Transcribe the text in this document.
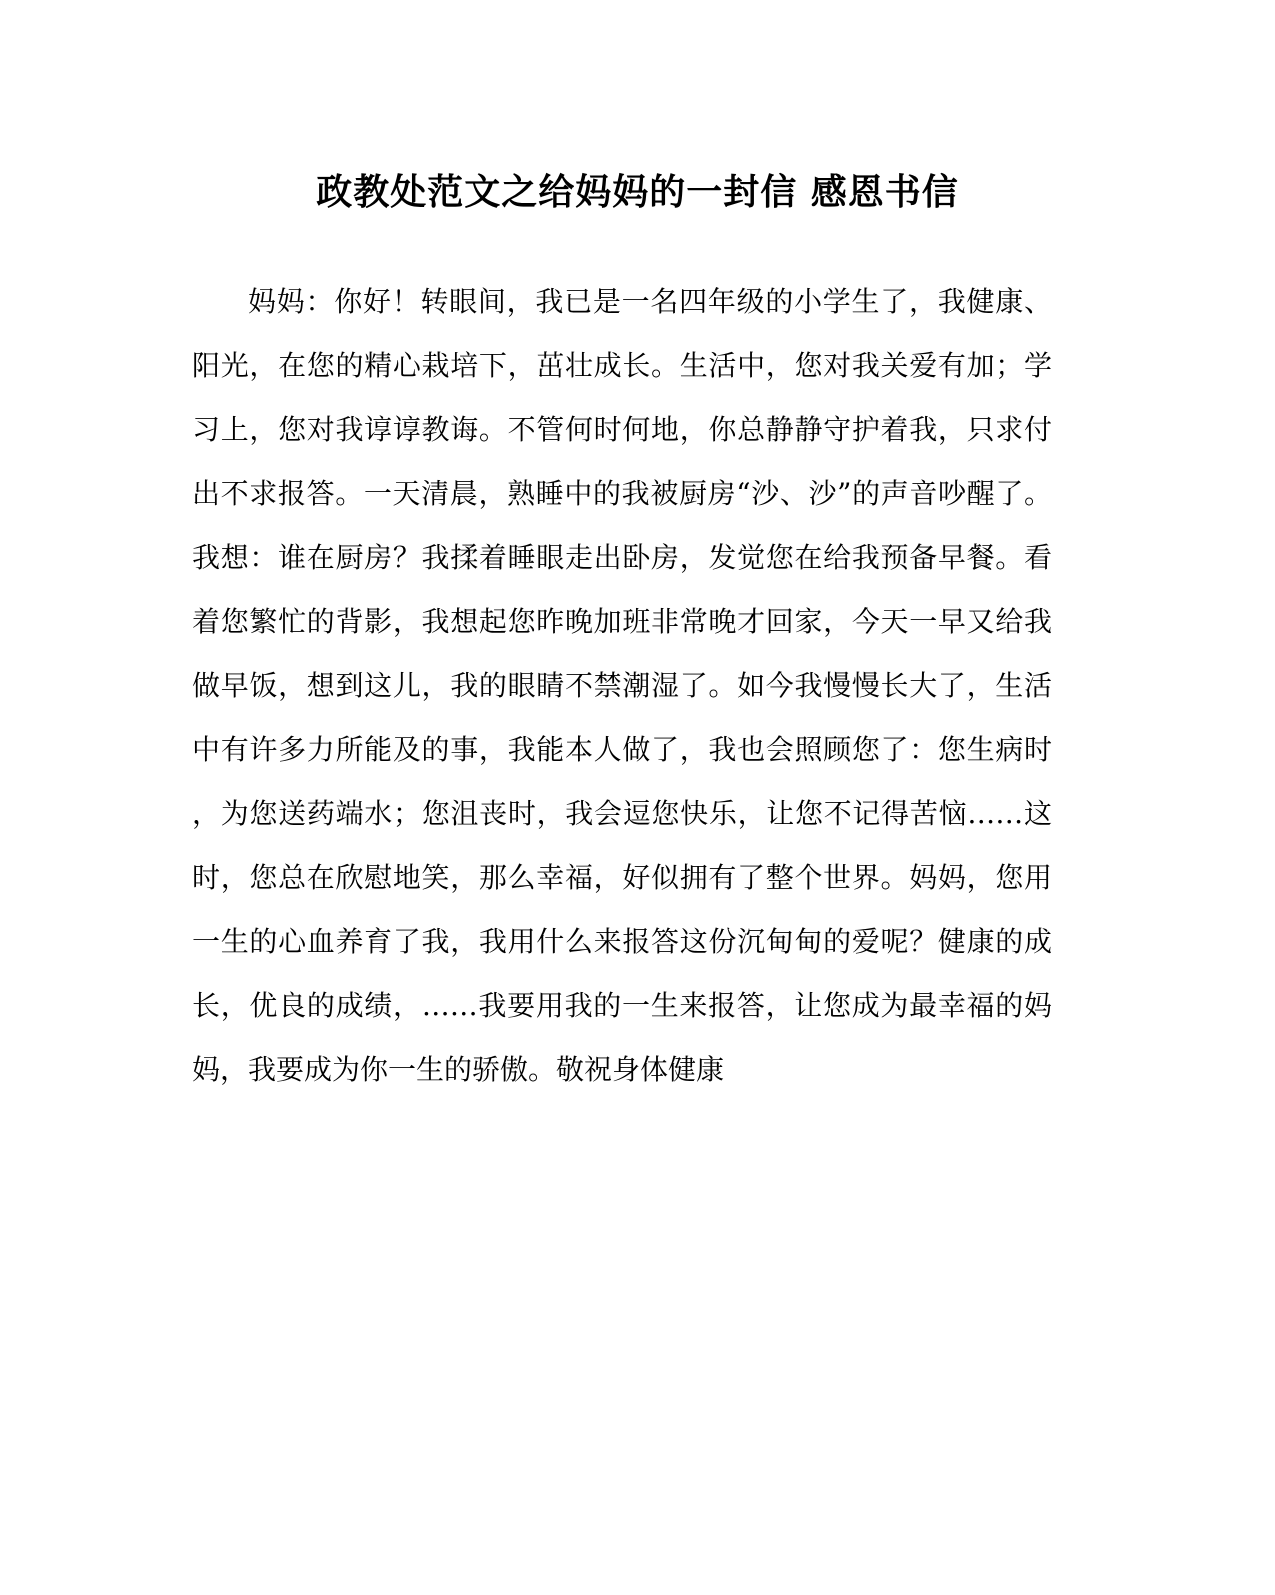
政教处范文之给妈妈的一封信 感恩书信
妈妈：你好！转眼间，我已是一名四年级的小学生了，我健康、
阳光，在您的精心栽培下，茁壮成长。生活中，您对我关爱有加；学
习上，您对我谆谆教诲。不管何时何地，你总静静守护着我，只求付
出不求报答。一天清晨，熟睡中的我被厨房“沙、沙”的声音吵醒了。
我想：谁在厨房？我揉着睡眼走出卧房，发觉您在给我预备早餐。看
着您繁忙的背影，我想起您昨晚加班非常晚才回家，今天一早又给我
做早饭，想到这儿，我的眼睛不禁潮湿了。如今我慢慢长大了，生活
中有许多力所能及的事，我能本人做了，我也会照顾您了：您生病时
，为您送药端水；您沮丧时，我会逗您快乐，让您不记得苦恼……这
时，您总在欣慰地笑，那么幸福，好似拥有了整个世界。妈妈，您用
一生的心血养育了我，我用什么来报答这份沉甸甸的爱呢？健康的成
长，优良的成绩，……我要用我的一生来报答，让您成为最幸福的妈
妈，我要成为你一生的骄傲。敬祝身体健康
